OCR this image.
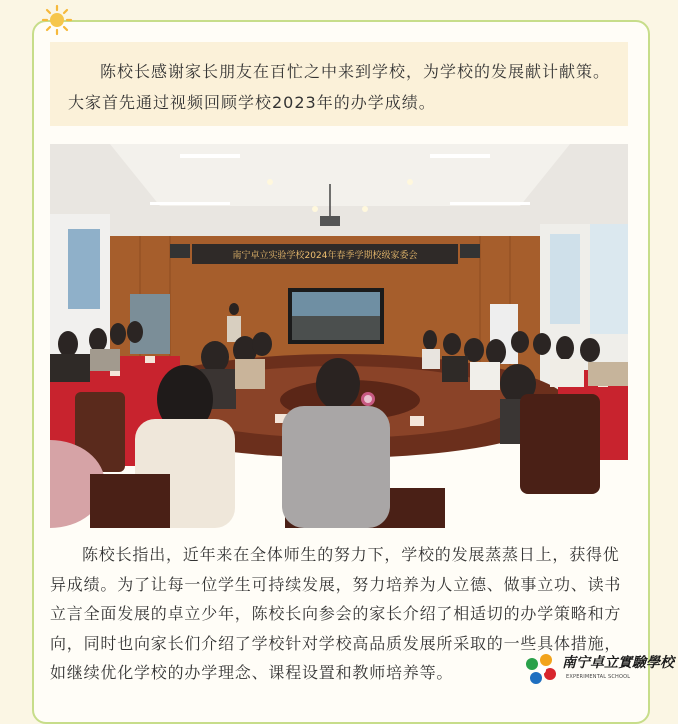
陈校长感谢家长朋友在百忙之中来到学校，为学校的发展献计献策。大家首先通过视频回顾学校2023年的办学成绩。
南宁卓立实验学校2024年春季学期校级家委会
陈校长指出，近年来在全体师生的努力下，学校的发展蒸蒸日上，获得优异成绩。为了让每一位学生可持续发展，努力培养为人立德、做事立功、读书立言全面发展的卓立少年，陈校长向参会的家长介绍了相适切的办学策略和方向，同时也向家长们介绍了学校针对学校高品质发展所采取的一些具体措施，如继续优化学校的办学理念、课程设置和教师培养等。	南宁卓立實驗學校
EXPERIMENTAL SCHOOL
